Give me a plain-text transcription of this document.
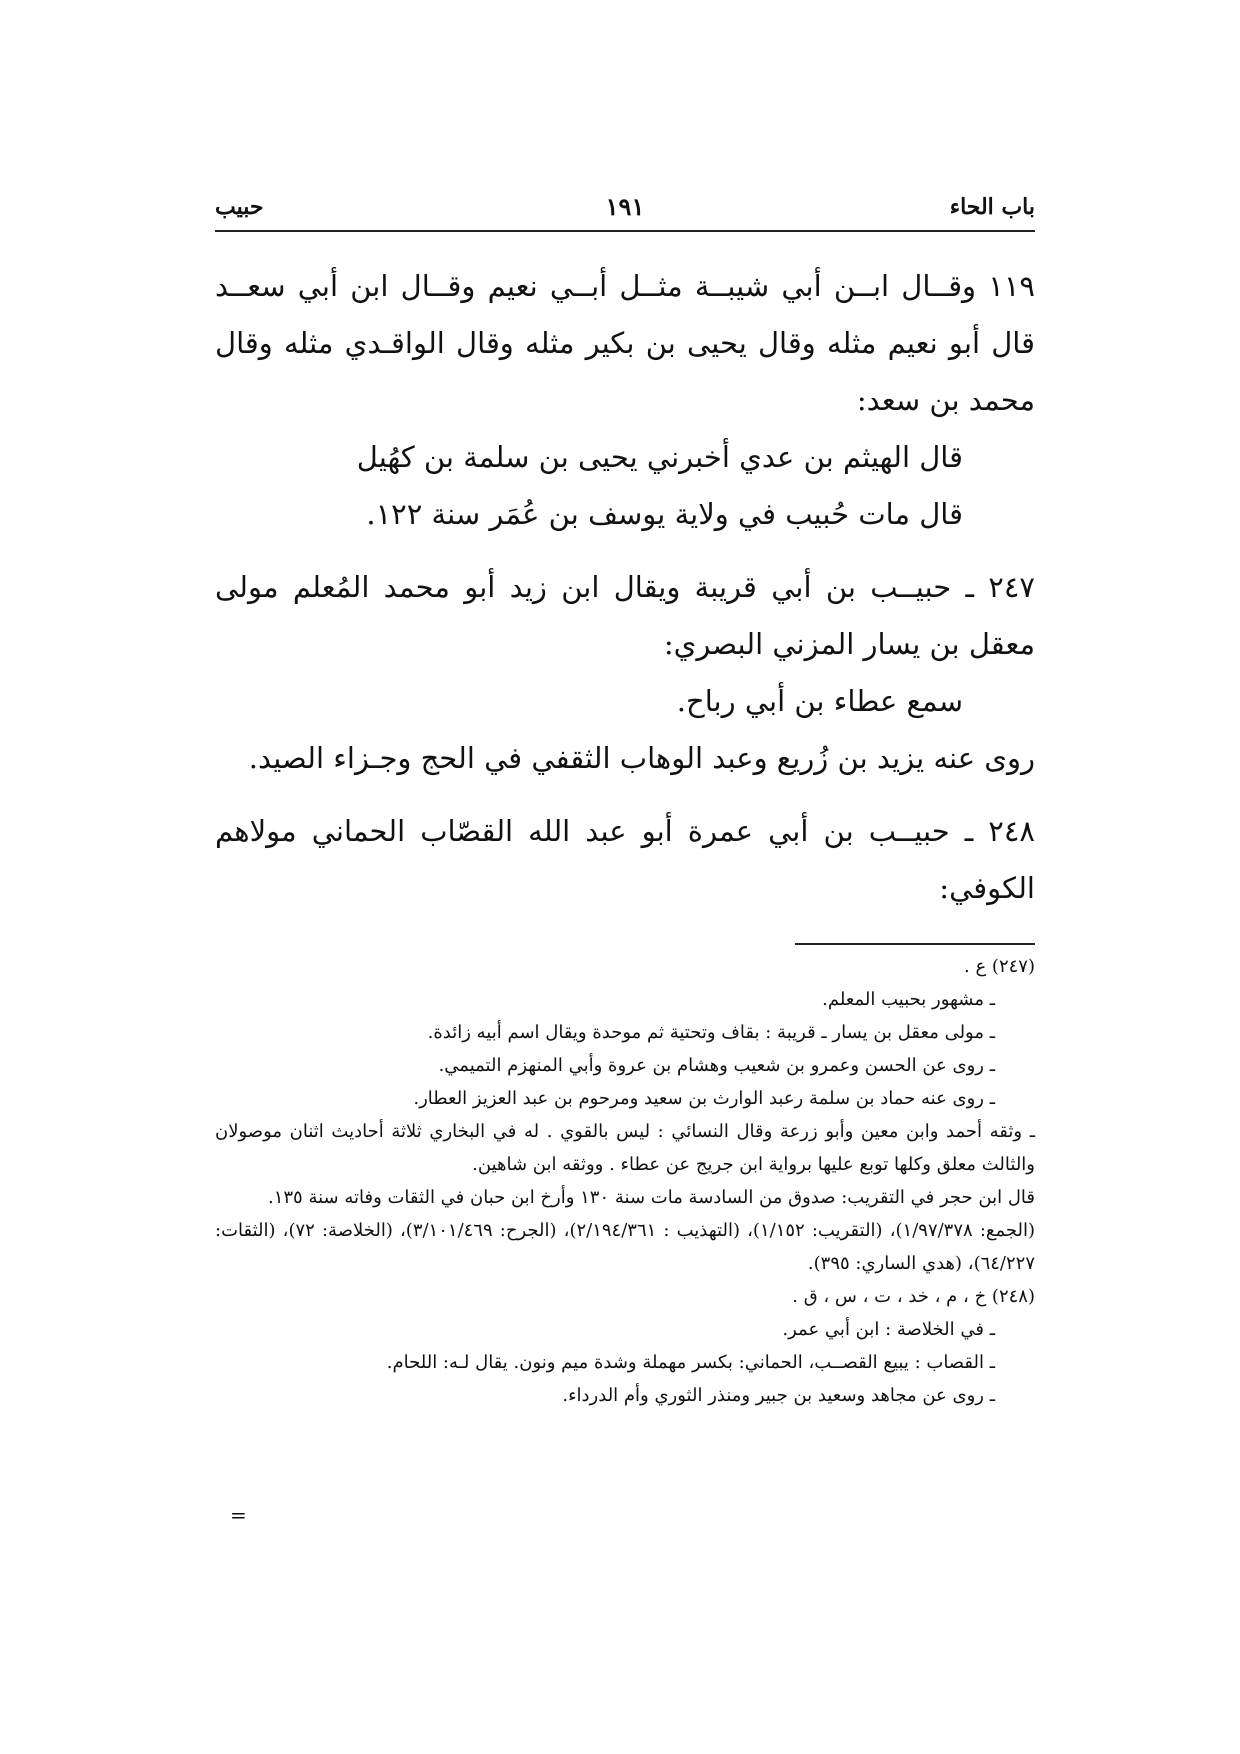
باب الحاء
١٩١
حبيب

١١٩ وقــال ابــن أبي شيبــة مثــل أبــي نعيم وقــال ابن أبي سعــد قال أبو نعيم مثله وقال يحيى بن بكير مثله وقال الواقـدي مثله وقال محمد بن سعد:

قال الهيثم بن عدي أخبرني يحيى بن سلمة بن كهُيل

قال مات حُبيب في ولاية يوسف بن عُمَر سنة ١٢٢.

٢٤٧ ـ حبيــب بن أبي قريبة ويقال ابن زيد أبو محمد المُعلم مولى معقل بن يسار المزني البصري:

سمع عطاء بن أبي رباح.

روى عنه يزيد بن زُريع وعبد الوهاب الثقفي في الحج وجـزاء الصيد.

٢٤٨ ـ حبيــب بن أبي عمرة أبو عبد الله القصّاب الحماني مولاهم الكوفي:

(٢٤٧) ع .

ـ مشهور بحبيب المعلم.

ـ مولى معقل بن يسار ـ قريبة : بقاف وتحتية ثم موحدة ويقال اسم أبيه زائدة.

ـ روى عن الحسن وعمرو بن شعيب وهشام بن عروة وأبي المنهزم التميمي.

ـ روى عنه حماد بن سلمة رعبد الوارث بن سعيد ومرحوم بن عبد العزيز العطار.

ـ وثقه أحمد وابن معين وأبو زرعة وقال النسائي : ليس بالقوي . له في البخاري ثلاثة أحاديث اثنان موصولان والثالث معلق وكلها توبع عليها برواية ابن جريج عن عطاء . ووثقه ابن شاهين.

قال ابن حجر في التقريب: صدوق من السادسة مات سنة ١٣٠ وأرخ ابن حبان في الثقات وفاته سنة ١٣٥.

(الجمع: ١/٩٧/٣٧٨)، (التقريب: ١/١٥٢)، (التهذيب : ٢/١٩٤/٣٦١)، (الجرح: ٣/١٠١/٤٦٩)، (الخلاصة: ٧٢)، (الثقات: ٦٤/٢٢٧)، (هدي الساري: ٣٩٥).

(٢٤٨) خ ، م ، خد ، ت ، س ، ق .

ـ في الخلاصة : ابن أبي عمر.

ـ القصاب : يبيع القصــب، الحماني: بكسر مهملة وشدة ميم ونون. يقال لـه: اللحام.

ـ روى عن مجاهد وسعيد بن جبير ومنذر الثوري وأم الدرداء.

=
